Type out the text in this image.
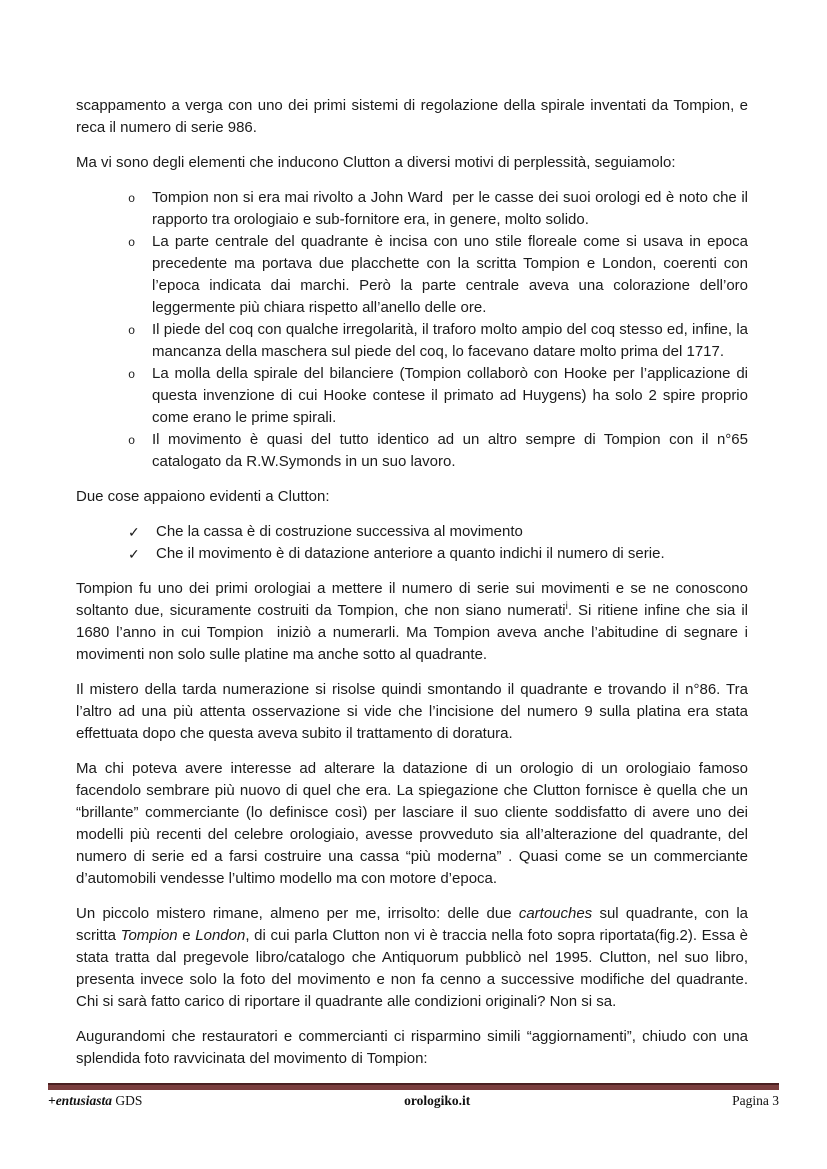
scappamento a verga con uno dei primi sistemi di regolazione della spirale inventati da Tompion, e reca il numero di serie 986.

Ma vi sono degli elementi che inducono Clutton a diversi motivi di perplessità, seguiamolo:

o Tompion non si era mai rivolto a John Ward  per le casse dei suoi orologi ed è noto che il rapporto tra orologiaio e sub-fornitore era, in genere, molto solido.
o La parte centrale del quadrante è incisa con uno stile floreale come si usava in epoca precedente ma portava due placchette con la scritta Tompion e London, coerenti con l’epoca indicata dai marchi. Però la parte centrale aveva una colorazione dell’oro leggermente più chiara rispetto all’anello delle ore.
o Il piede del coq con qualche irregolarità, il traforo molto ampio del coq stesso ed, infine, la mancanza della maschera sul piede del coq, lo facevano datare molto prima del 1717.
o La molla della spirale del bilanciere (Tompion collaborò con Hooke per l’applicazione di questa invenzione di cui Hooke contese il primato ad Huygens) ha solo 2 spire proprio come erano le prime spirali.
o Il movimento è quasi del tutto identico ad un altro sempre di Tompion con il n°65 catalogato da R.W.Symonds in un suo lavoro.

Due cose appaiono evidenti a Clutton:

✓ Che la cassa è di costruzione successiva al movimento
✓ Che il movimento è di datazione anteriore a quanto indichi il numero di serie.

Tompion fu uno dei primi orologiai a mettere il numero di serie sui movimenti e se ne conoscono soltanto due, sicuramente costruiti da Tompion, che non siano numerati$^i$. Si ritiene infine che sia il 1680 l’anno in cui Tompion  iniziò a numerarli. Ma Tompion aveva anche l’abitudine di segnare i movimenti non solo sulle platine ma anche sotto al quadrante.

Il mistero della tarda numerazione si risolse quindi smontando il quadrante e trovando il n°86. Tra l’altro ad una più attenta osservazione si vide che l’incisione del numero 9 sulla platina era stata effettuata dopo che questa aveva subito il trattamento di doratura.

Ma chi poteva avere interesse ad alterare la datazione di un orologio di un orologiaio famoso facendolo sembrare più nuovo di quel che era. La spiegazione che Clutton fornisce è quella che un “brillante” commerciante (lo definisce così) per lasciare il suo cliente soddisfatto di avere uno dei modelli più recenti del celebre orologiaio, avesse provveduto sia all’alterazione del quadrante, del numero di serie ed a farsi costruire una cassa “più moderna” . Quasi come se un commerciante d’automobili vendesse l’ultimo modello ma con motore d’epoca.

Un piccolo mistero rimane, almeno per me, irrisolto: delle due cartouches sul quadrante, con la scritta Tompion e London, di cui parla Clutton non vi è traccia nella foto sopra riportata(fig.2). Essa è stata tratta dal pregevole libro/catalogo che Antiquorum pubblicò nel 1995. Clutton, nel suo libro, presenta invece solo la foto del movimento e non fa cenno a successive modifiche del quadrante. Chi si sarà fatto carico di riportare il quadrante alle condizioni originali? Non si sa.

Augurandomi che restauratori e commercianti ci risparmino simili “aggiornamenti”, chiudo con una splendida foto ravvicinata del movimento di Tompion:

+entusiasta GDS	orologiko.it	Pagina 3
